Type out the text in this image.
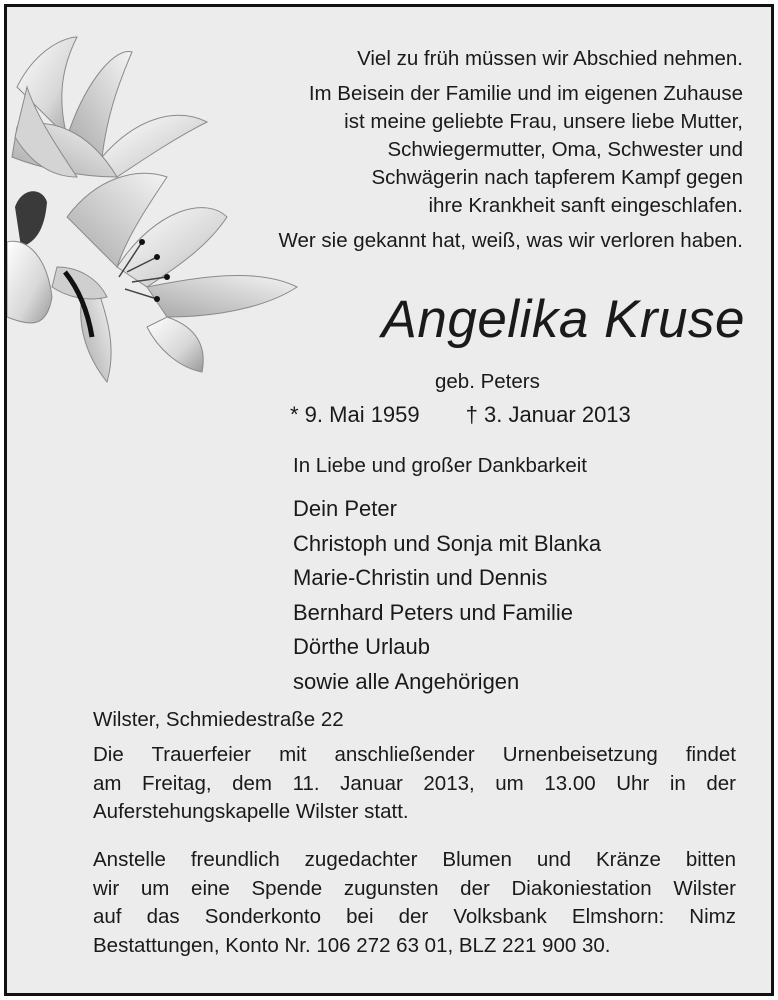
Viel zu früh müssen wir Abschied nehmen.

Im Beisein der Familie und im eigenen Zuhause
ist meine geliebte Frau, unsere liebe Mutter,
Schwiegermutter, Oma, Schwester und
Schwägerin nach tapferem Kampf gegen
ihre Krankheit sanft eingeschlafen.

Wer sie gekannt hat, weiß, was wir verloren haben.

Angelika Kruse
geb. Peters
* 9. Mai 1959 † 3. Januar 2013
In Liebe und großer Dankbarkeit
Dein Peter
Christoph und Sonja mit Blanka
Marie-Christin und Dennis
Bernhard Peters und Familie
Dörthe Urlaub
sowie alle Angehörigen
Wilster, Schmiedestraße 22

Die Trauerfeier mit anschließender Urnenbeisetzung findet
am Freitag, dem 11. Januar 2013, um 13.00 Uhr in der
Auferstehungskapelle Wilster statt.

Anstelle freundlich zugedachter Blumen und Kränze bitten
wir um eine Spende zugunsten der Diakoniestation Wilster
auf das Sonderkonto bei der Volksbank Elmshorn: Nimz
Bestattungen, Konto Nr. 106 272 63 01, BLZ 221 900 30.
